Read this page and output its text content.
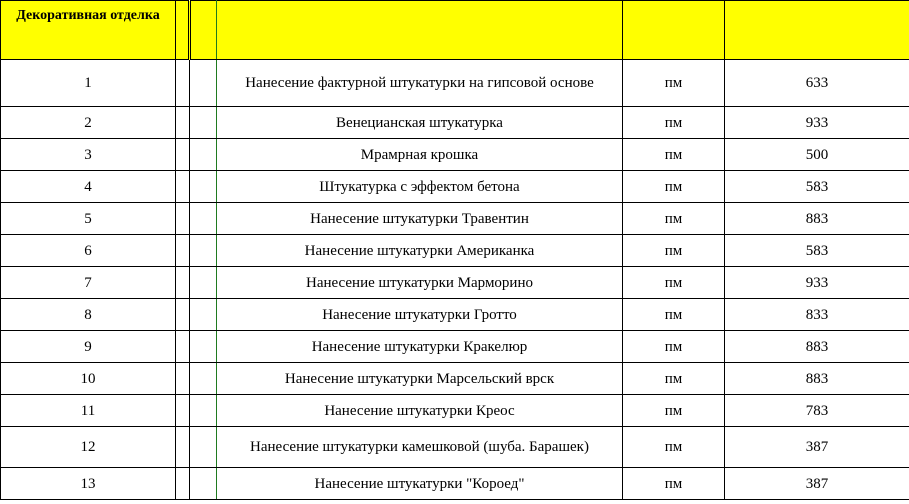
Декоративная отделка					
1			Нанесение фактурной штукатурки на гипсовой основе	пм	633
2			Венецианская штукатурка	пм	933
3			Мрамрная крошка	пм	500
4			Штукатурка с эффектом бетона	пм	583
5			Нанесение штукатурки Травентин	пм	883
6			Нанесение штукатурки Американка	пм	583
7			Нанесение штукатурки Марморино	пм	933
8			Нанесение штукатурки Гротто	пм	833
9			Нанесение штукатурки Кракелюр	пм	883
10			Нанесение штукатурки Марсельский врск	пм	883
11			Нанесение штукатурки Креос	пм	783
12			Нанесение штукатурки камешковой (шуба. Барашек)	пм	387
13			Нанесение штукатурки "Короед"	пм	387
